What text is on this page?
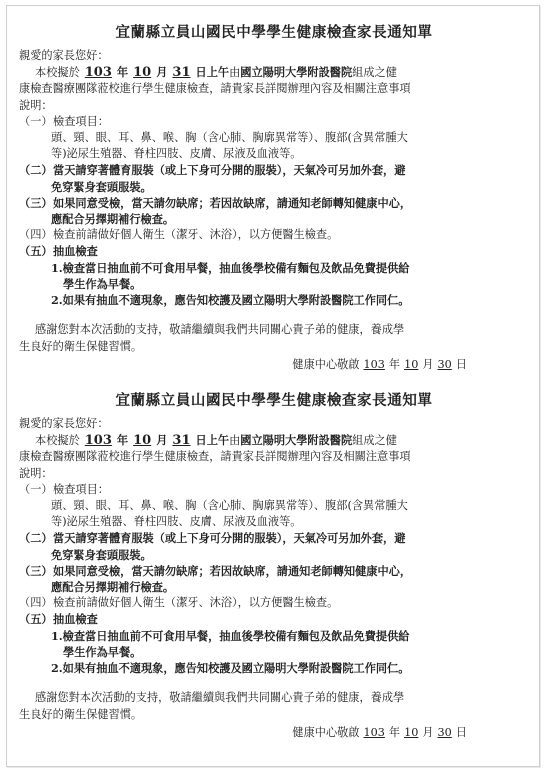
宜蘭縣立員山國民中學學生健康檢查家長通知單

親愛的家長您好：

本校擬於 103 年 10 月 31 日上午由國立陽明大學附設醫院組成之健

康檢查醫療團隊蒞校進行學生健康檢查，請貴家長詳閱辦理內容及相關注意事項

說明：

（一） 檢查項目：

頭、頸、眼、耳、鼻、喉、胸（含心肺、胸廓異常等）、腹部(含異常腫大

等)泌尿生殖器、脊柱四肢、皮膚、尿液及血液等。

（二） 當天請穿著體育服裝（或上下身可分開的服裝），天氣冷可另加外套，避

免穿緊身套頭服裝。

（三） 如果同意受檢，當天請勿缺席；若因故缺席，請通知老師轉知健康中心，

應配合另擇期補行檢查。

（四） 檢查前請做好個人衛生（潔牙、沐浴），以方便醫生檢查。
（五） 抽血檢查

1.檢查當日抽血前不可食用早餐，抽血後學校備有麵包及飲品免費提供給

學生作為早餐。

2.如果有抽血不適現象，應告知校護及國立陽明大學附設醫院工作同仁。

感謝您對本次活動的支持，敬請繼續與我們共同關心貴子弟的健康，養成學

生良好的衛生保健習慣。

健康中心敬啟 103 年 10 月 30 日

宜蘭縣立員山國民中學學生健康檢查家長通知單

親愛的家長您好：

本校擬於 103 年 10 月 31 日上午由國立陽明大學附設醫院組成之健

康檢查醫療團隊蒞校進行學生健康檢查，請貴家長詳閱辦理內容及相關注意事項

說明：

（一） 檢查項目：

頭、頸、眼、耳、鼻、喉、胸（含心肺、胸廓異常等）、腹部(含異常腫大

等)泌尿生殖器、脊柱四肢、皮膚、尿液及血液等。

（二） 當天請穿著體育服裝（或上下身可分開的服裝），天氣冷可另加外套，避

免穿緊身套頭服裝。

（三） 如果同意受檢，當天請勿缺席；若因故缺席，請通知老師轉知健康中心，

應配合另擇期補行檢查。

（四） 檢查前請做好個人衛生（潔牙、沐浴），以方便醫生檢查。
（五） 抽血檢查

1.檢查當日抽血前不可食用早餐，抽血後學校備有麵包及飲品免費提供給

學生作為早餐。

2.如果有抽血不適現象，應告知校護及國立陽明大學附設醫院工作同仁。

感謝您對本次活動的支持，敬請繼續與我們共同關心貴子弟的健康，養成學

生良好的衛生保健習慣。

健康中心敬啟 103 年 10 月 30 日
